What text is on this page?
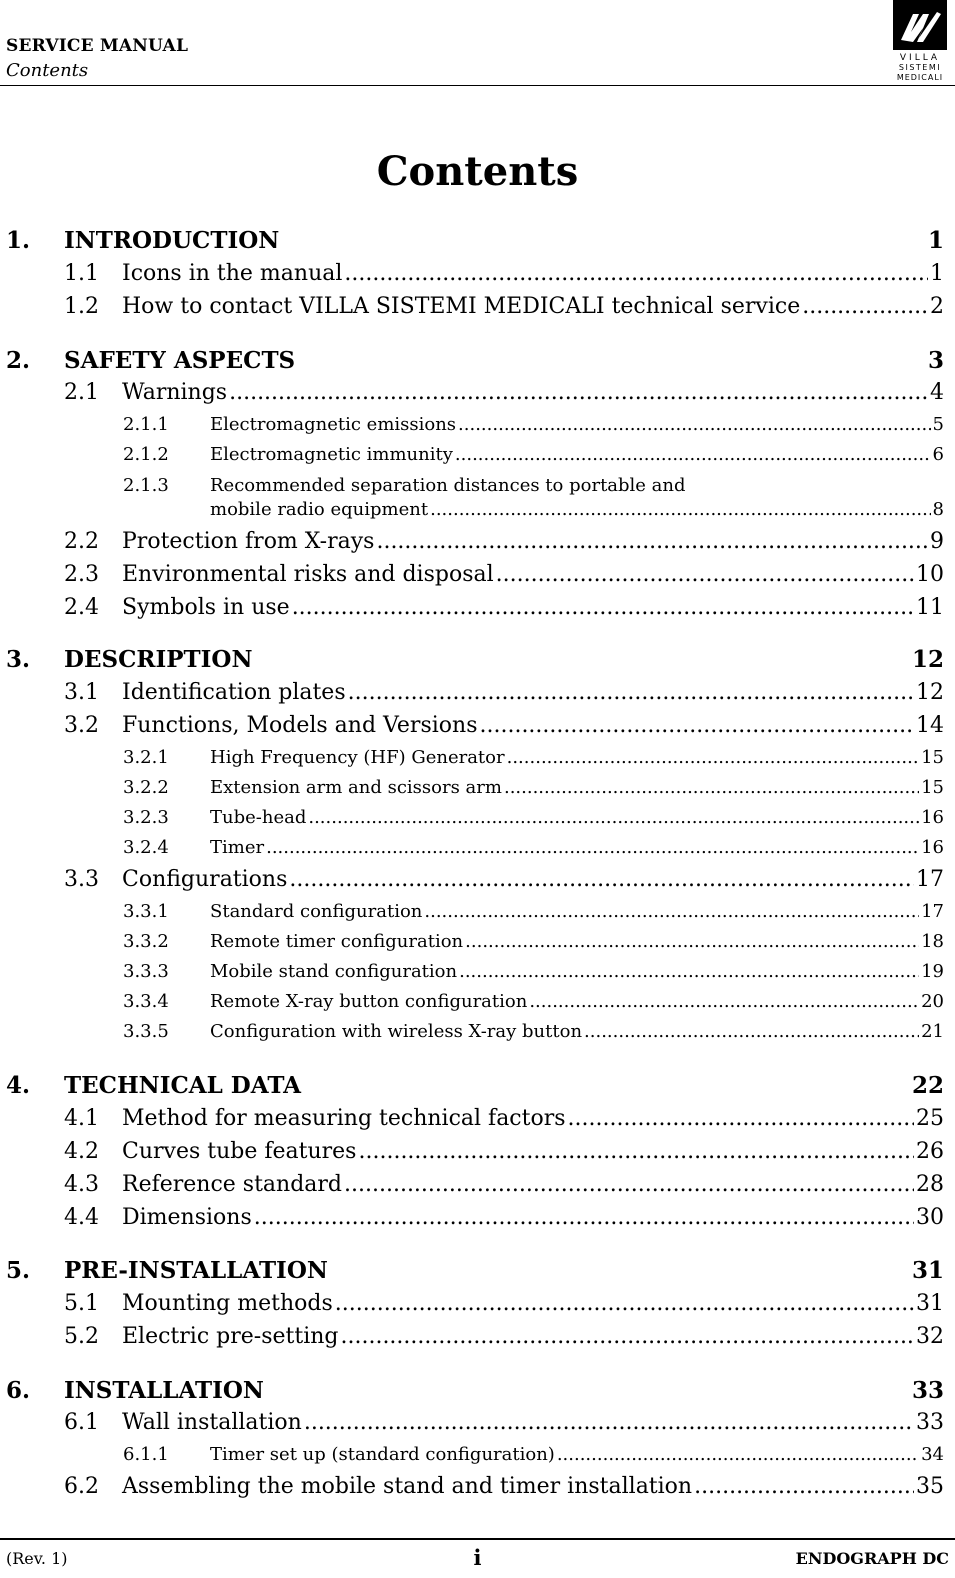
SERVICE MANUAL
Contents
VILLA
SISTEMI
MEDICALI
Contents
1.	INTRODUCTION	1
1.1	Icons in the manual .....	1
1.2	How to contact VILLA SISTEMI MEDICALI technical service .....	2
2.	SAFETY ASPECTS	3
2.1	Warnings .....	4
2.1.1	Electromagnetic emissions .....	5
2.1.2	Electromagnetic immunity .....	6
2.1.3 Recommended separation distances to portable and
mobile radio equipment .....	8
2.2	Protection from X-rays .....	9
2.3	Environmental risks and disposal .....	10
2.4	Symbols in use .....	11
3.	DESCRIPTION	12
3.1	Identification plates .....	12
3.2	Functions, Models and Versions .....	14
3.2.1	High Frequency (HF) Generator .....	15
3.2.2	Extension arm and scissors arm .....	15
3.2.3	Tube-head .....	16
3.2.4	Timer .....	16
3.3	Configurations .....	17
3.3.1	Standard configuration .....	17
3.3.2	Remote timer configuration .....	18
3.3.3	Mobile stand configuration .....	19
3.3.4	Remote X-ray button configuration .....	20
3.3.5	Configuration with wireless X-ray button .....	21
4.	TECHNICAL DATA	22
4.1	Method for measuring technical factors .....	25
4.2	Curves tube features .....	26
4.3	Reference standard .....	28
4.4	Dimensions .....	30
5.	PRE-INSTALLATION	31
5.1	Mounting methods .....	31
5.2	Electric pre-setting .....	32
6.	INSTALLATION	33
6.1	Wall installation .....	33
6.1.1	Timer set up (standard configuration) .....	34
6.2	Assembling the mobile stand and timer installation .....	35
(Rev. 1)	i	ENDOGRAPH DC
